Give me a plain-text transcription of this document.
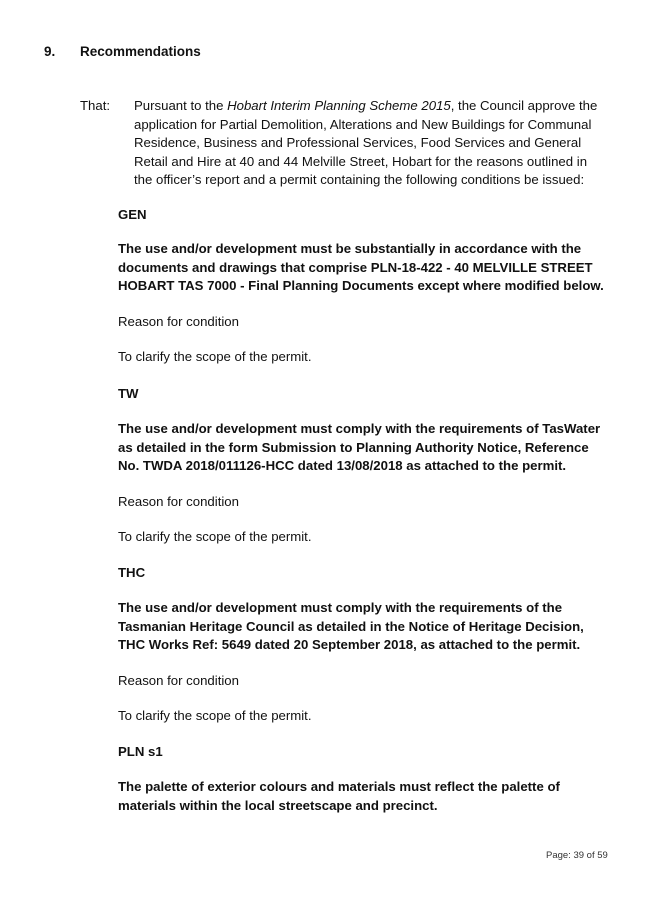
9. Recommendations
That: Pursuant to the Hobart Interim Planning Scheme 2015, the Council approve the application for Partial Demolition, Alterations and New Buildings for Communal Residence, Business and Professional Services, Food Services and General Retail and Hire at 40 and 44 Melville Street, Hobart for the reasons outlined in the officer’s report and a permit containing the following conditions be issued:
GEN
The use and/or development must be substantially in accordance with the documents and drawings that comprise PLN-18-422 - 40 MELVILLE STREET HOBART TAS 7000 - Final Planning Documents except where modified below.
Reason for condition
To clarify the scope of the permit.
TW
The use and/or development must comply with the requirements of TasWater as detailed in the form Submission to Planning Authority Notice, Reference No. TWDA 2018/011126-HCC dated 13/08/2018 as attached to the permit.
Reason for condition
To clarify the scope of the permit.
THC
The use and/or development must comply with the requirements of the Tasmanian Heritage Council as detailed in the Notice of Heritage Decision, THC Works Ref: 5649 dated 20 September 2018, as attached to the permit.
Reason for condition
To clarify the scope of the permit.
PLN s1
The palette of exterior colours and materials must reflect the palette of materials within the local streetscape and precinct.
Page: 39 of 59
